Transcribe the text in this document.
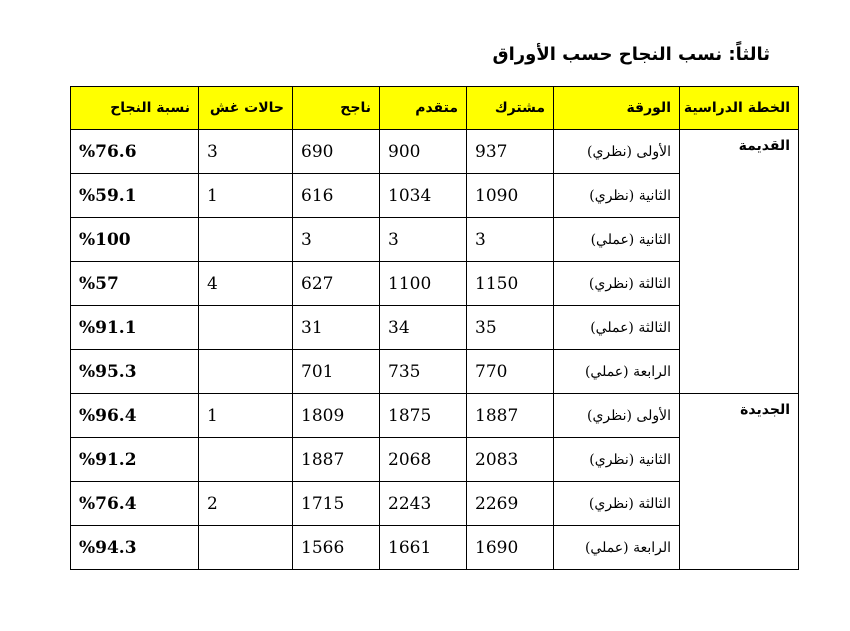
ثالثاً: نسب النجاح حسب الأوراق
الخطة الدراسية	الورقة	مشترك	متقدم	ناجح	حالات غش	نسبة النجاح
القديمة	الأولى (نظري)	937	900	690	3	%76.6
	الثانية (نظري)	1090	1034	616	1	%59.1
	الثانية (عملي)	3	3	3		%100
	الثالثة (نظري)	1150	1100	627	4	%57
	الثالثة (عملي)	35	34	31		%91.1
	الرابعة (عملي)	770	735	701		%95.3
الجديدة	الأولى (نظري)	1887	1875	1809	1	%96.4
	الثانية (نظري)	2083	2068	1887		%91.2
	الثالثة (نظري)	2269	2243	1715	2	%76.4
	الرابعة (عملي)	1690	1661	1566		%94.3
